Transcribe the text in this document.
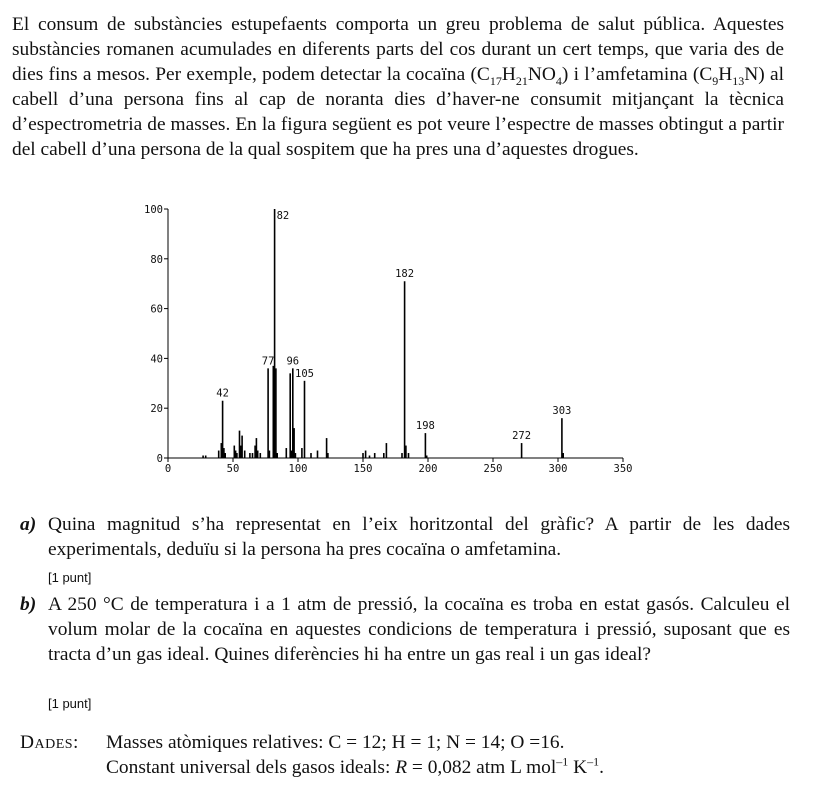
El consum de substàncies estupefaents comporta un greu problema de salut pública. Aquestes substàncies romanen acumulades en diferents parts del cos durant un cert temps, que varia des de dies fins a mesos. Per exemple, podem detectar la cocaïna $(C_{17}H_{21}NO_4)$ i l’amfetamina $(C_9H_{13}N)$ al cabell d’una persona fins al cap de noranta dies d’haver-ne consumit mitjançant la tècnica d’espectrometria de masses. En la figura següent es pot veure l’espectre de masses obtingut a partir del cabell d’una persona de la qual sospitem que ha pres una d’aquestes drogues.

0
20
40
60
80
100
0	50	100	150	200	250	300	350
42
77
82
96
105
182
198
272
303
a) Quina magnitud s’ha representat en l’eix horitzontal del gràfic? A partir de les dades experimentals, deduïu si la persona ha pres cocaïna o amfetamina.
[1 punt]
b) A 250 °C de temperatura i a 1 atm de pressió, la cocaïna es troba en estat gasós. Calculeu el volum molar de la cocaïna en aquestes condicions de temperatura i pressió, suposant que es tracta d’un gas ideal. Quines diferències hi ha entre un gas real i un gas ideal?
[1 punt]
Dades: Masses atòmiques relatives: C = 12; H = 1; N = 14; O =16.
Constant universal dels gasos ideals: R = 0,082 atm L mol$^{-1}$ $K^{-1}$.
